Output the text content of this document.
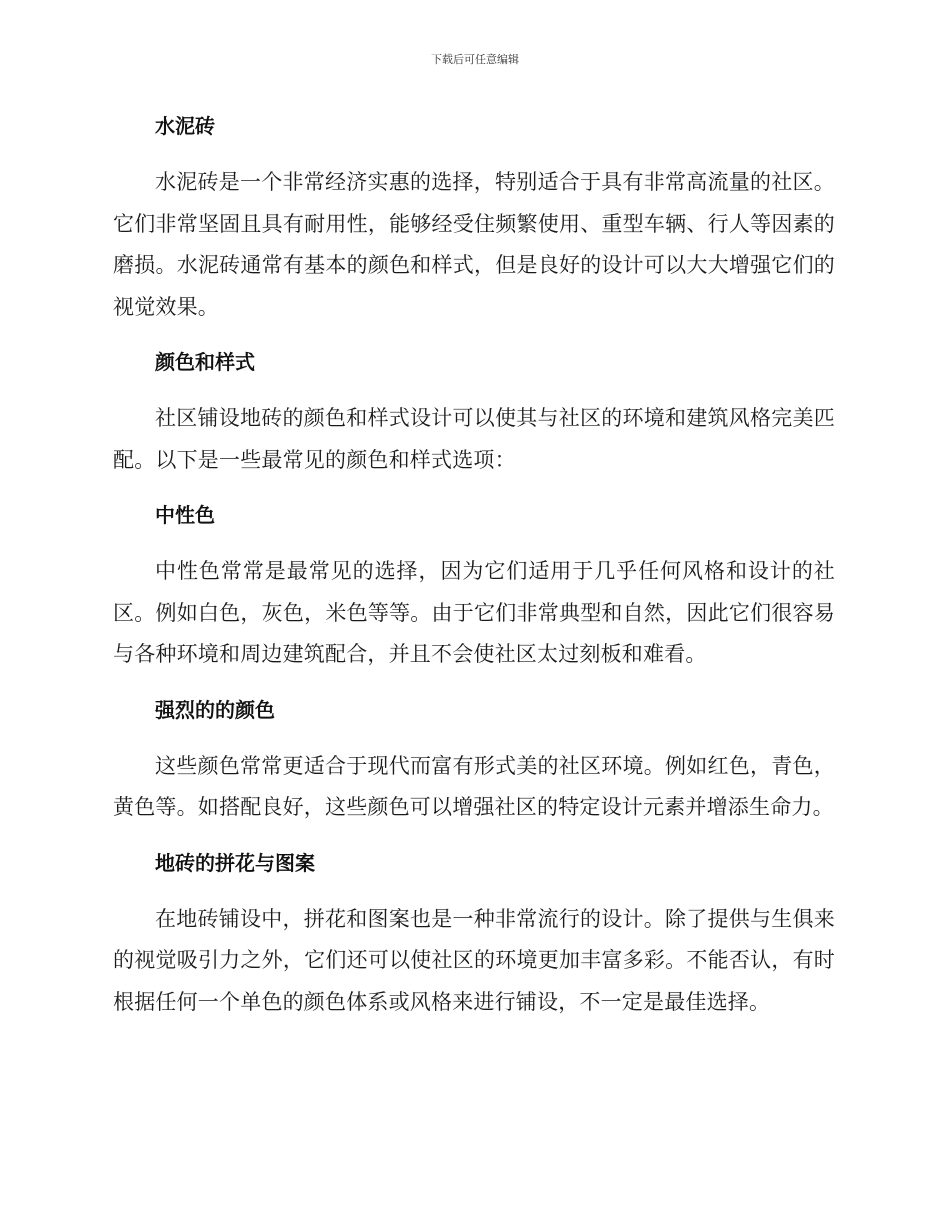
下载后可任意编辑
水泥砖

水泥砖是一个非常经济实惠的选择，特别适合于具有非常高流量的社区。它们非常坚固且具有耐用性，能够经受住频繁使用、重型车辆、行人等因素的磨损。水泥砖通常有基本的颜色和样式，但是良好的设计可以大大增强它们的视觉效果。

颜色和样式

社区铺设地砖的颜色和样式设计可以使其与社区的环境和建筑风格完美匹配。以下是一些最常见的颜色和样式选项：

中性色

中性色常常是最常见的选择，因为它们适用于几乎任何风格和设计的社区。例如白色，灰色，米色等等。由于它们非常典型和自然，因此它们很容易与各种环境和周边建筑配合，并且不会使社区太过刻板和难看。

强烈的的颜色

这些颜色常常更适合于现代而富有形式美的社区环境。例如红色，青色，黄色等。如搭配良好，这些颜色可以增强社区的特定设计元素并增添生命力。

地砖的拼花与图案

在地砖铺设中，拼花和图案也是一种非常流行的设计。除了提供与生俱来的视觉吸引力之外，它们还可以使社区的环境更加丰富多彩。不能否认，有时根据任何一个单色的颜色体系或风格来进行铺设，不一定是最佳选择。
